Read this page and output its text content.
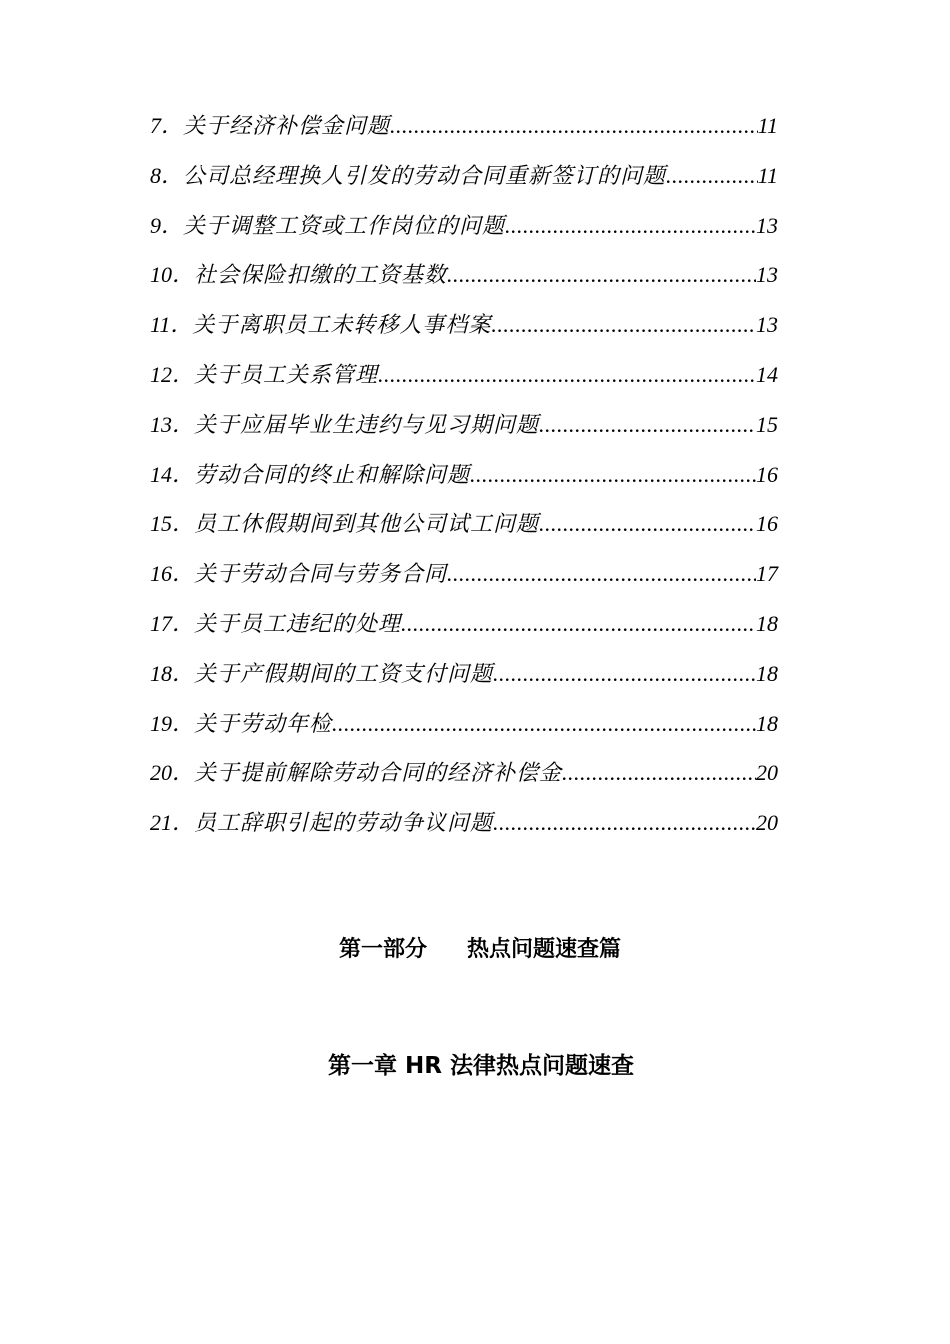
7． 关于经济补偿金问题 .....	11
8． 公司总经理换人引发的劳动合同重新签订的问题 .....	11
9． 关于调整工资或工作岗位的问题 .....	13
10． 社会保险扣缴的工资基数 .....	13
11． 关于离职员工未转移人事档案 .....	13
12． 关于员工关系管理 .....	14
13． 关于应届毕业生违约与见习期问题 .....	15
14． 劳动合同的终止和解除问题 .....	16
15． 员工休假期间到其他公司试工问题 .....	16
16． 关于劳动合同与劳务合同 .....	17
17． 关于员工违纪的处理 .....	18
18． 关于产假期间的工资支付问题 .....	18
19． 关于劳动年检 .....	18
20． 关于提前解除劳动合同的经济补偿金 .....	20
21． 员工辞职引起的劳动争议问题 .....	20
第一部分 热点问题速查篇
第一章 HR 法律热点问题速查
